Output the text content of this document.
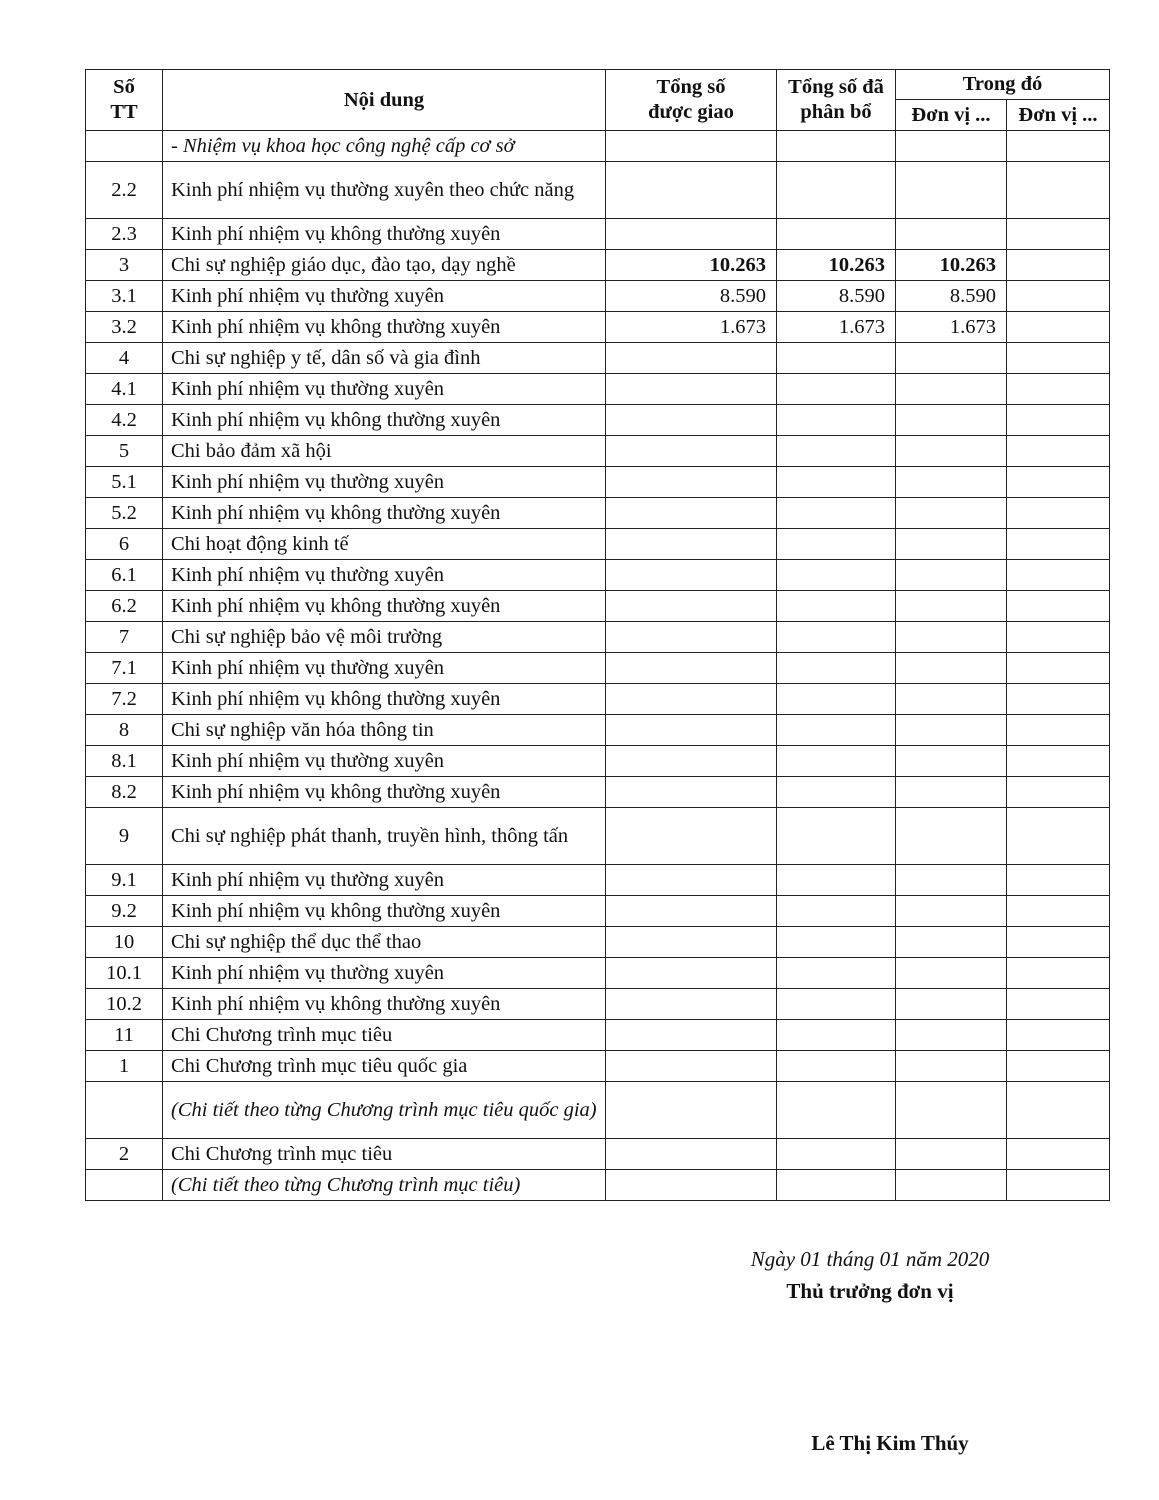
Số TT	Nội dung	Tổng số được giao	Tổng số đã phân bổ	Trong đó	
				Đơn vị ...	Đơn vị ...
	- Nhiệm vụ khoa học công nghệ cấp cơ sở				
2.2	Kinh phí nhiệm vụ thường xuyên theo chức năng				
2.3	Kinh phí nhiệm vụ không thường xuyên				
3	Chi sự nghiệp giáo dục, đào tạo, dạy nghề	10.263	10.263	10.263	
3.1	Kinh phí nhiệm vụ thường xuyên	8.590	8.590	8.590	
3.2	Kinh phí nhiệm vụ không thường xuyên	1.673	1.673	1.673	
4	Chi sự nghiệp y tế, dân số và gia đình				
4.1	Kinh phí nhiệm vụ thường xuyên				
4.2	Kinh phí nhiệm vụ không thường xuyên				
5	Chi bảo đảm xã hội				
5.1	Kinh phí nhiệm vụ thường xuyên				
5.2	Kinh phí nhiệm vụ không thường xuyên				
6	Chi hoạt động kinh tế				
6.1	Kinh phí nhiệm vụ thường xuyên				
6.2	Kinh phí nhiệm vụ không thường xuyên				
7	Chi sự nghiệp bảo vệ môi trường				
7.1	Kinh phí nhiệm vụ thường xuyên				
7.2	Kinh phí nhiệm vụ không thường xuyên				
8	Chi sự nghiệp văn hóa thông tin				
8.1	Kinh phí nhiệm vụ thường xuyên				
8.2	Kinh phí nhiệm vụ không thường xuyên				
9	Chi sự nghiệp phát thanh, truyền hình, thông tấn				
9.1	Kinh phí nhiệm vụ thường xuyên				
9.2	Kinh phí nhiệm vụ không thường xuyên				
10	Chi sự nghiệp thể dục thể thao				
10.1	Kinh phí nhiệm vụ thường xuyên				
10.2	Kinh phí nhiệm vụ không thường xuyên				
11	Chi Chương trình mục tiêu				
1	Chi Chương trình mục tiêu quốc gia				
	(Chi tiết theo từng Chương trình mục tiêu quốc gia)				
2	Chi Chương trình mục tiêu				
	(Chi tiết theo từng Chương trình mục tiêu)				
Ngày 01 tháng 01 năm 2020
Thủ trưởng đơn vị
Lê Thị Kim Thúy
